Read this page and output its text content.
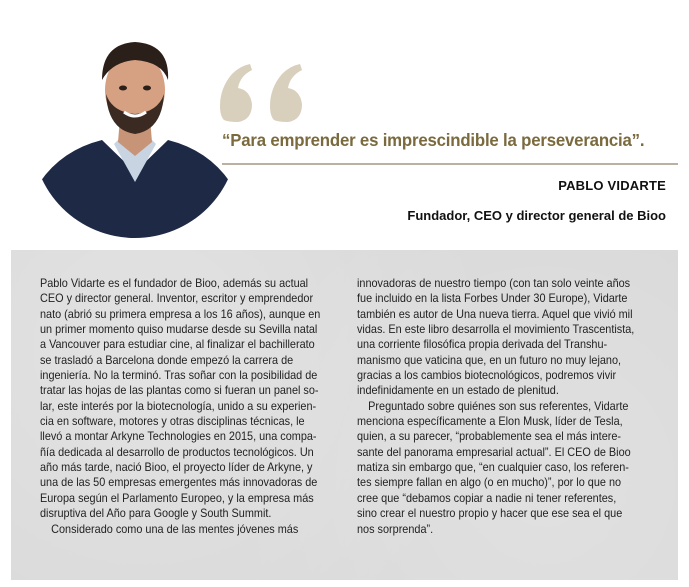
“Para emprender es imprescindible la perseverancia”.
PABLO VIDARTE
Fundador, CEO y director general de Bioo
Pablo Vidarte es el fundador de Bioo, además su actual
CEO y director general. Inventor, escritor y emprendedor
nato (abrió su primera empresa a los 16 años), aunque en
un primer momento quiso mudarse desde su Sevilla natal
a Vancouver para estudiar cine, al finalizar el bachillerato
se trasladó a Barcelona donde empezó la carrera de
ingeniería. No la terminó. Tras soñar con la posibilidad de
tratar las hojas de las plantas como si fueran un panel so-
lar, este interés por la biotecnología, unido a su experien-
cia en software, motores y otras disciplinas técnicas, le
llevó a montar Arkyne Technologies en 2015, una compa-
ñía dedicada al desarrollo de productos tecnológicos. Un
año más tarde, nació Bioo, el proyecto líder de Arkyne, y
una de las 50 empresas emergentes más innovadoras de
Europa según el Parlamento Europeo, y la empresa más
disruptiva del Año para Google y South Summit.
Considerado como una de las mentes jóvenes más
innovadoras de nuestro tiempo (con tan solo veinte años
fue incluido en la lista Forbes Under 30 Europe), Vidarte
también es autor de Una nueva tierra. Aquel que vivió mil
vidas. En este libro desarrolla el movimiento Trascentista,
una corriente filosófica propia derivada del Transhu-
manismo que vaticina que, en un futuro no muy lejano,
gracias a los cambios biotecnológicos, podremos vivir
indefinidamente en un estado de plenitud.
Preguntado sobre quiénes son sus referentes, Vidarte
menciona específicamente a Elon Musk, líder de Tesla,
quien, a su parecer, “probablemente sea el más intere-
sante del panorama empresarial actual”. El CEO de Bioo
matiza sin embargo que, “en cualquier caso, los referen-
tes siempre fallan en algo (o en mucho)”, por lo que no
cree que “debamos copiar a nadie ni tener referentes,
sino crear el nuestro propio y hacer que ese sea el que
nos sorprenda”.
